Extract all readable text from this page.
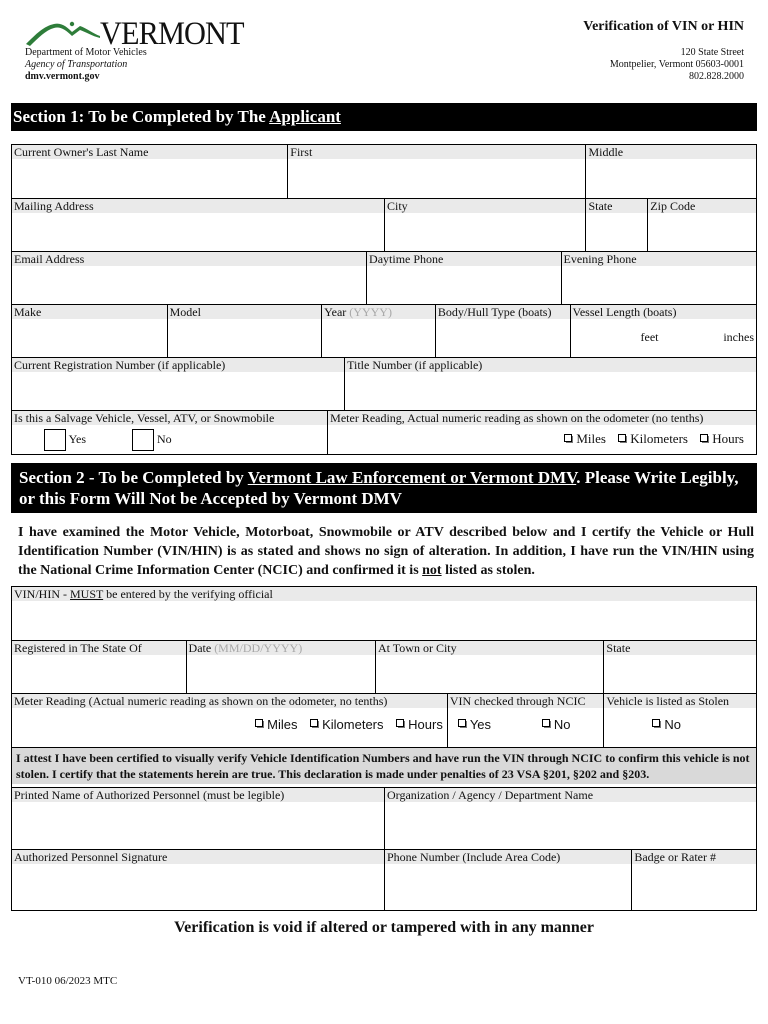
VERMONT
Department of Motor Vehicles
Agency of Transportation
dmv.vermont.gov
Verification of VIN or HIN
120 State Street
Montpelier, Vermont 05603-0001
802.828.2000
Section 1: To be Completed by The Applicant
Current Owner's Last Name	First	Middle
Mailing Address	City	State	Zip Code
Email Address	Daytime Phone	Evening Phone
Make	Model	Year (YYYY)	Body/Hull Type (boats)	Vessel Length (boats)
feet	inches
Current Registration Number (if applicable)	Title Number (if applicable)
Is this a Salvage Vehicle, Vessel, ATV, or Snowmobile
Yes	No
Meter Reading, Actual numeric reading as shown on the odometer (no tenths)
Miles
Kilometers
Hours
Section 2 - To be Completed by Vermont Law Enforcement or Vermont DMV. Please Write Legibly, or this Form Will Not be Accepted by Vermont DMV
I have examined the Motor Vehicle, Motorboat, Snowmobile or ATV described below and I certify the Vehicle or Hull Identification Number (VIN/HIN) is as stated and shows no sign of alteration. In addition, I have run the VIN/HIN using the National Crime Information Center (NCIC) and confirmed it is not listed as stolen.
VIN/HIN - MUST be entered by the verifying official
Registered in The State Of	Date (MM/DD/YYYY)	At Town or City	State
Meter Reading (Actual numeric reading as shown on the odometer, no tenths)
Miles
Kilometers
Hours
VIN checked through NCIC
Yes	No
Vehicle is listed as Stolen
No
I attest I have been certified to visually verify Vehicle Identification Numbers and have run the VIN through NCIC to confirm this vehicle is not stolen. I certify that the statements herein are true. This declaration is made under penalties of 23 VSA §201, §202 and §203.
Printed Name of Authorized Personnel (must be legible)	Organization / Agency / Department Name
Authorized Personnel Signature	Phone Number (Include Area Code)	Badge or Rater #
Verification is void if altered or tampered with in any manner
VT-010 06/2023 MTC
